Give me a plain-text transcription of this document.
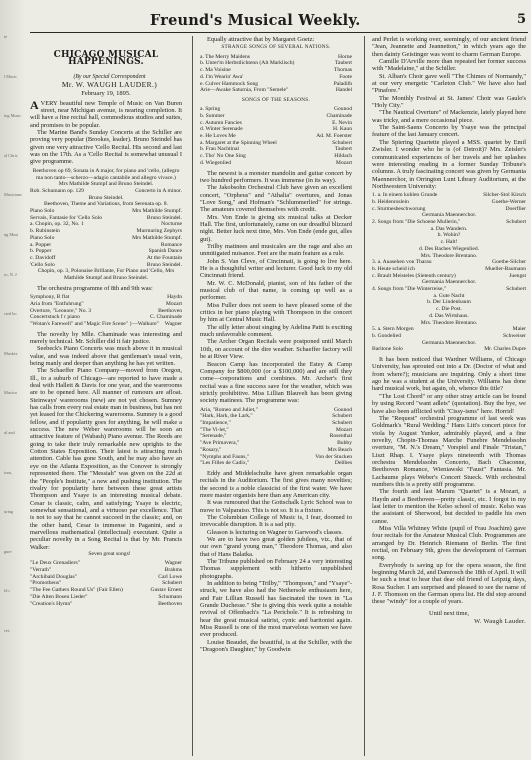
te
l Music
ing Music
al Chris
Musicians
ng Musi
ro, N. J
cted ho
Muskes
Musica
ul and
ions,
uring
gure
ld c
ces
Freund's Musical Weekly.	5
CHICAGO MUSICAL HAPPENINGS.

(By our Special Correspondent

Mr. W. WAUGH LAUDER.)

February 19, 1895.

A VERY beautiful new Temple of Music on Van Buren street, near Michigan avenue, is nearing completion. It will have a fine recital hall, commodious studios and suites, and promises to be popular.

The Marine Band's Sunday Concerts at the Schiller are proving very popular (Brookes, leader). Bruno Steindel has given one very attractive 'Cello Recital. His second and last was on the 17th. As a 'Cello Recital is somewhat unusual I give programme.

Beethoven op 69, Sonata in A major, for piano and 'cello, (allegro ma non tanto—scherzo—adagio cantabile and allegro vivace.)
Mrs Mathilde Stumpf and Bruno Steindel.
Rob. Schumann op. 129	Concerto in A minor.
Bruno Steindel.
Beethoven, Theme and Variations, from Serenata op. 8.
Piano Solo	Mrs Mathilde Stumpf.
Servais, Fantasie for 'Cello Solo	Bruno Steindel.
a. Chopin, op. 32, No. 1	Nocturne
b. Rubinstein	Murmuring Zephyrs
Piano Solo	Mrs Mathilde Stumpf.
a. Popper	Romance
b. Popper	Spanish Dance
c. Davidoff	At the Fountain
'Cello Solo	Bruno Steindel.
Chopin, op. 3, Polonaise Brillante, For Piano and 'Cello, Mrs Mathilde Stumpf and Bruno Steindel.

The orchestra programme of 8th and 9th was:

Symphony, B flat	Haydn
Aria from "Entfuhrung"	Mozart
Overture, "Leonore," No. 3	Beethoven
Concertstuck f r piano	C. Chaminade
"Wotan's Farewell" and "Magic Fire Scene" }—Walkure" Wagner

The novelty by Mlle. Chaminade was interesting and merely technical. Mr. Schiller did it fair justice.

Seebeck's Piano Concerts was much above it in musical value, and was indeed above that gentleman's usual vein, being manly and deeper than anything he has yet written.

The Schaeffer Piano Company—moved from Oregon, Ill., to a suburb of Chicago—are reported to have made a deal with Hallett & Davis for one year, and the warerooms are to be opened here. All manner of rumours are afloat. Steinways' warerooms (new) are not yet chosen. Sumney has calls from every real estate man in business, but has not yet leased for the Chickering warerooms. Sumney is a good fellow, and if popularity goes for anything, he will make a success. The new Weber warerooms will be soon an attractive feature of (Wabash) Piano avenue. The Reeds are going to take their truly remarkable new uprights to the Cotton States Exposition. Their latest is attracting much attention. Cable has gone South, and he may also have an eye on the Atlanta Exposition, as the Conover is strongly represented there. The "Messiah" was given on the 22d at the "People's Institute," a new and pushing institution. The rivalry for popularity here between these great artists Thompson and Ysaye is an interesting musical debate. Cesar is classic, calm, and satisfying; Ysaye is electric, somewhat sensational, and a virtuoso par excellence. That is not to say that he cannot succeed in the classic; and, on the other hand, Cesar is immense in Paganini, and a marvellous mathematical (intellectual) executant. Quite a peculiar novelty in a Song Recital is that by Mr. Francis Walker:

Seven great songs!

"Le Deux Grenadiers"	Wagner
"Verrath"	Brahms
"Archibald Douglas"	Carl Lowe
"Promotheus"	Schubert
"The Fee Gathers Round Us" (Fair Ellen)	Gustav Ernest
"Die Alten Bosen Lieder"	Schumann
"Creation's Hymn"	Beethoven

Equally attractive that by Margaret Goetz:

STRANGE SONGS OF SEVERAL NATIONS.
a. The Merry Maidens	Horne
b. Unter'm Herbstlichtenn (Alt Marklisch)	Taubert
c. Ma Voisine	Thomas
d. I'm Wearin' Awa'	Foote
e. Culver Hammock Song	Paladilh
Arie—Awake Saturnia, From "Semele"	Handel
SONGS OF THE SEASONS.
a. Spring	Gounod
b. Summer	Chaminade
c. Autumn Fancies	E. Nevin
d. Winter Serenade	H. Kaun
e. He Loves Me	Ad. M. Foerster
a. Margaret at the Spinning Wheel	Schubert
b. Frau Nachtinal	Taubert
c. Tho' No One Sing	Hildach
d. Wiegenlied	Mozart

The newest is a monster mandolin and guitar concert by two hundred performers. It was immense (in its way).

The Jakobsohn Orchestral Club have given an excellent concert, "Orpheus" and "Athalia" overtures, and Jonas "Love Song," and Hofman's "Schlummerlied" for strings. The amateurs covered themselves with credit.

Mrs. Von Ende is giving six musical talks at Decker Hall. The first, unfortunately, came on our dreadful blizzard night. Better luck next time, Mrs. Von Ende (ende gut, alles gut).

Trilby matinees and musicales are the rage and also an unmitigated nuisance. Feet are the main feature as a rule.

John S. Van Cleve, of Cincinnati, is going to live here. He is a thoughtful writer and lecturer. Good luck to my old Cincinnati friend.

Mr. W. C. McDonald, pianist, son of his father of the musical club of that name, is coming up well as a performer.

Miss Fuller does not seem to have pleased some of the critics in her piano playing with Thompson in the concert by him at Central Music Hall.

The silly letter about singing by Adelina Patti is exciting much unfavorable comment.

The Archer Organ Recitals were postponed until March 10th, on account of the dire weather. Schaeffer factory will be at River View.

Beacon Camp has incorporated the Estey & Camp Company for $800,000 (or a $100,000) and are still they come—corporations and combines. Mr. Archer's first recital was a fine success save for the weather, which was strictly prohibitive. Miss Lillian Blauvelt has been giving society matinees. The programme was:

Aria, "Romeo and Juliet,"	Gounod
"Hark, Hark, the Lark,"	Schubert
"Impatience,"	Schubert
"The Vi-let,"	Mozart
"Serenade,"	Rosenthal
"Ave Primavera,"	Bubby
"Rosary,"	Mrs Beach
"Nymphs and Fauns,"	Von der Stucken
"Les Filles de Cadix,"	Delibes

Eddy and Middelschulte have given remarkable organ recitals in the Auditorium. The first gives many novelties; the second is a noble classicist of the first water. We have more master organists here than any American city.

It was rumoured that the Gottschalk Lyric School was to move to Valparaiso. This is not so. It is a fixture.

The Columbian College of Music is, I fear, doomed to irrevocable disruption. It is a sad pity.

Gleason is lecturing on Wagner to Garwood's classes.

We are to have two great golden jubilees, viz., that of our own "grand young man," Theodore Thomas, and also that of Hans Balatka.

The Tribune published on February 24 a very interesting Thomas supplement with hitherto unpublished photographs.

In addition to being "Trilby," "Thompson," and "Ysaye"-struck, we have also had the Nethersole enthusiasm here, and Fair Lillian Russell has fascinated the town in "La Grande Duchesse." She is giving this week quite a notable revival of Offenbach's "La Perichole." It is refreshing to hear the great musical satirist, cynic and baritonist again. Miss Russell is one of the most marvelous women we have ever produced.

Louise Beaudet, the beautiful, is at the Schiller, with the "Dragoon's Daughter," by Goodwin

and Perlet is working over, seemingly, of our ancient friend "Jean, Jeannette and Jeannetton," in which years ago the then dainty Geistinger was wont to charm German Europe.

Camille D'Arville more than repeated her former success with "Madelaine," at the Schiller.

St. Alban's Choir gave well "The Chimes of Normandy," at our very energetic "Carleton Club." We have also had "Pinafore."

The Monthly Festival at St. James' Choir was Gaulo's "Holy City."

"The Nautical Overture" of Mackenzie, lately played here was tricky, and a mere occasional piece.

The Saint-Saens Concerto by Ysaye was the principal feature of the last January concert.

The Spiering Quartette played a MSS. quartet by Emil Zwisler. I wonder who he is (of Detroit)? Mrs. Zeisler's communicated experiences of her travels and her splashes were interesting reading in a former Sunday Tribune's columns. A truly fascinating concert was given by Germania Maennerchor, in Orrington Lunt Library Auditorium, at the Northwestern University:

1. a. In einem kuhlen Grunde	Silcher-Stol Kirsch
b. Heidenroslein	Goethe-Werner
c. Sturmesbeschworung	Doerflier
Germania Maennerchor.
2. Songs from "Die Schoene Mullerin,"	Schubert
a. Das Wandern.
b. Wohin?
c. Halt!
d. Des Baches Wiegenlied.
Mrs. Theodore Brentano.
3. a. Auasehen von Tharau	Goethe-Silcher
b. Heute scheid ich	Mueller-Baumann
c. Brault Meisteles (Sietenth century)	Juengst
Germania Maennerchor.
4. Songs from "Die Winterreise,"	Schubert
a. Gute Nacht
b. Der Lindenbaum
c. Die Post.
d. Das Wirtshaus.
Mrs. Theodore Brentano.
5. a. Stern Morgen	Maier
b. Gondelied	Schweiser
Germania Maennerchor.
Baritone Solo	Mr. Charles Dupre

It has been noticed that Wardner Williams, of Chicago University, has sprouted out into a Dr. (Doctor of what and from where?); musicians are inquiring. Only a short time ago he was a student at the University. Williams has done hard musical work, but again, oh, whence this title?

"The Lost Chord" or any other stray article can be found by using Record "want adlets" (quotation). Buy the bye, we have also been afflicted with "Cissy-isms" here. Horrid!

The "Request" orchestral programme of last week was Goldmark's "Rural Wedding." Hans Litt's concert piece for viola by August Yunker, admirably played, and a fine novelty, Chopin-Thomas Marche Funebre Mendelssohn overture, "M. N.'s Dream," Vorspiel and Finale "Tristan," Liszt Rhap. I. Ysaye plays nineteenth with Thomas orchestra Mendelssohn Concerto, Bach Chaconne, Beethoven Romance, Wieniawski "Faust" Fantasia. Mr. Lachaume plays Weber's Concert Stueck. With orchestral numbers this is a pretty stiff programme.

The fourth and last Marum "Quartet" is a Mozart, a Haydn and a Beethoven—pretty classic, etc. I forgot in my last letter to mention the Kelso school of music. Kelso was the assistant of Sherwood, but decided to paddle his own canoe.

Miss Villa Whitney White (pupil of Frau Joachim) gave four recitals for the Amateur Musical Club. Programmes are arranged by Dr. Heinrich Riemann of Berlin. The first recital, on February 9th, gives the development of German song.

Everybody is saving up for the opera season, the first beginning March 2d, and Damrosch the 18th of April. It will be such a treat to hear that dear old friend of Leipzig days, Rosa Sucher. I am surprised and pleased to see the name of J. F. Thomson on the German opera list. He did stop around these "windy" for a couple of years.

Until next time,
W. Waugh Lauder.
